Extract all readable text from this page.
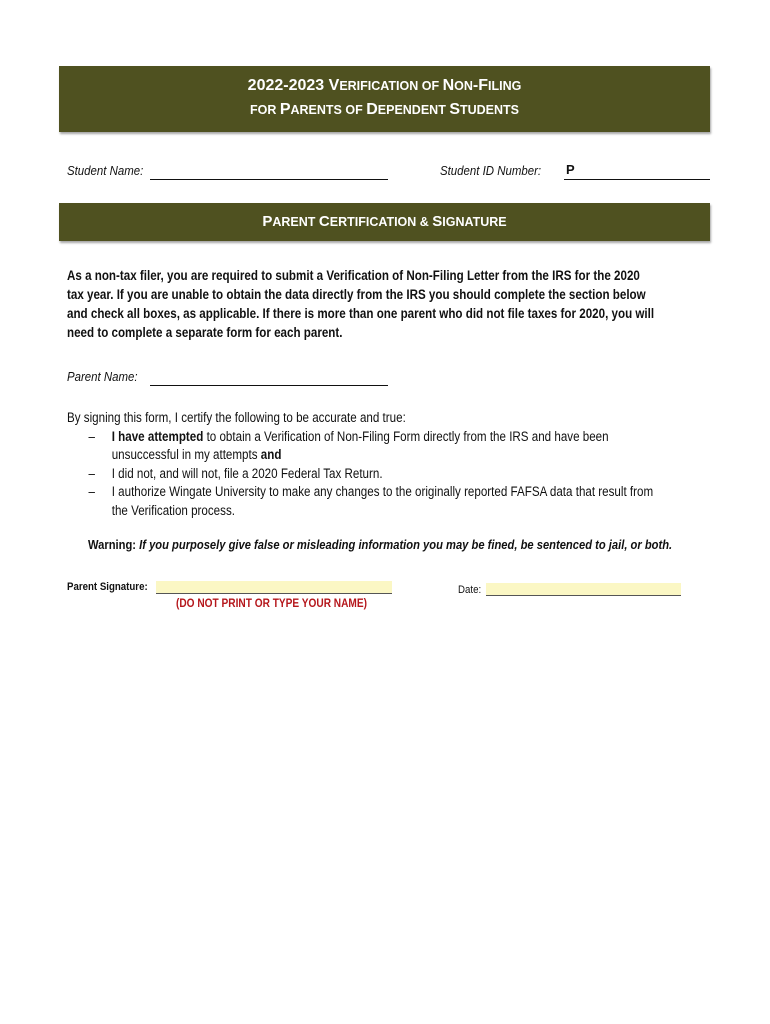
2022-2023 VERIFICATION OF NON-FILING
FOR PARENTS OF DEPENDENT STUDENTS
Student Name:	Student ID Number: P
PARENT CERTIFICATION & SIGNATURE

As a non-tax filer, you are required to submit a Verification of Non-Filing Letter from the IRS for the 2020

tax year. If you are unable to obtain the data directly from the IRS you should complete the section below

and check all boxes, as applicable. If there is more than one parent who did not file taxes for 2020, you will

need to complete a separate form for each parent.

Parent Name:

By signing this form, I certify the following to be accurate and true:

– I have attempted to obtain a Verification of Non-Filing Form directly from the IRS and have been
unsuccessful in my attempts and
– I did not, and will not, file a 2020 Federal Tax Return.
– I authorize Wingate University to make any changes to the originally reported FAFSA data that result from
the Verification process.
Warning: If you purposely give false or misleading information you may be fined, be sentenced to jail, or both.
Parent Signature:	Date:
(DO NOT PRINT OR TYPE YOUR NAME)
